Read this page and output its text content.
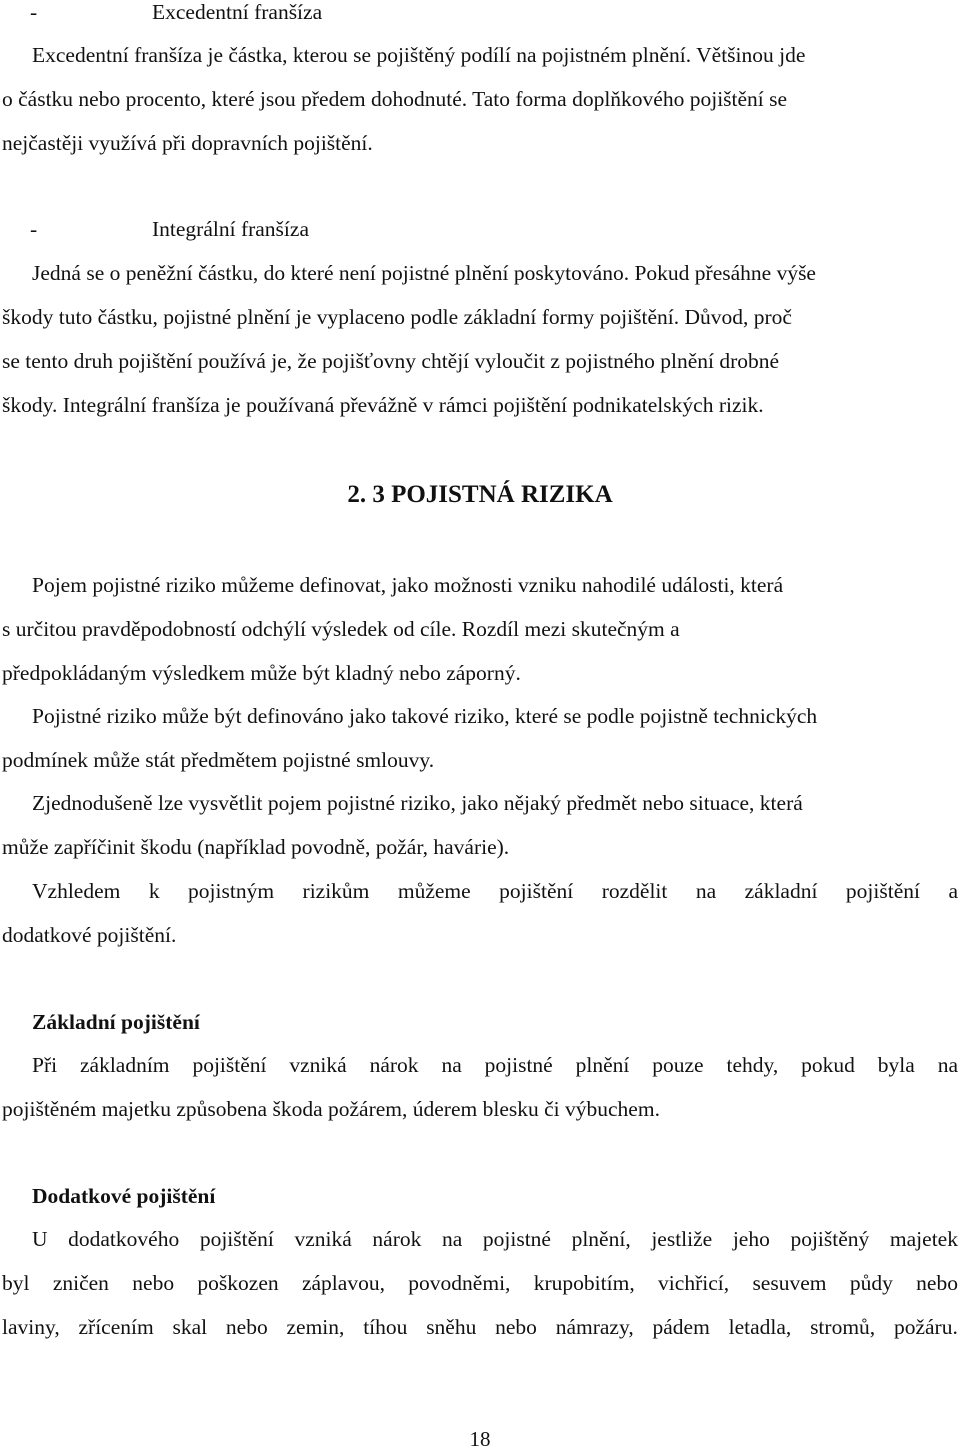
-	Excedentní franšíza
Excedentní franšíza je částka, kterou se pojištěný podílí na pojistném plnění. Většinou jde
o částku nebo procento, které jsou předem dohodnuté. Tato forma doplňkového pojištění se
nejčastěji využívá při dopravních pojištění.
-	Integrální franšíza
Jedná se o peněžní částku, do které není pojistné plnění poskytováno. Pokud přesáhne výše
škody tuto částku, pojistné plnění je vyplaceno podle základní formy pojištění. Důvod, proč
se tento druh pojištění používá je, že pojišťovny chtějí vyloučit z pojistného plnění drobné
škody. Integrální franšíza je používaná převážně v rámci pojištění podnikatelských rizik.
2. 3 POJISTNÁ RIZIKA
Pojem pojistné riziko můžeme definovat, jako možnosti vzniku nahodilé události, která
s určitou pravděpodobností odchýlí výsledek od cíle. Rozdíl mezi skutečným a
předpokládaným výsledkem může být kladný nebo záporný.
Pojistné riziko může být definováno jako takové riziko, které se podle pojistně technických
podmínek může stát předmětem pojistné smlouvy.
Zjednodušeně lze vysvětlit pojem pojistné riziko, jako nějaký předmět nebo situace, která
může zapříčinit škodu (například povodně, požár, havárie).
Vzhledem k pojistným rizikům můžeme pojištění rozdělit na základní pojištění a
dodatkové pojištění.
Základní pojištění
Při základním pojištění vzniká nárok na pojistné plnění pouze tehdy, pokud byla na
pojištěném majetku způsobena škoda požárem, úderem blesku či výbuchem.
Dodatkové pojištění
U dodatkového pojištění vzniká nárok na pojistné plnění, jestliže jeho pojištěný majetek
byl zničen nebo poškozen záplavou, povodněmi, krupobitím, vichřicí, sesuvem půdy nebo
laviny, zřícením skal nebo zemin, tíhou sněhu nebo námrazy, pádem letadla, stromů, požáru.
18
